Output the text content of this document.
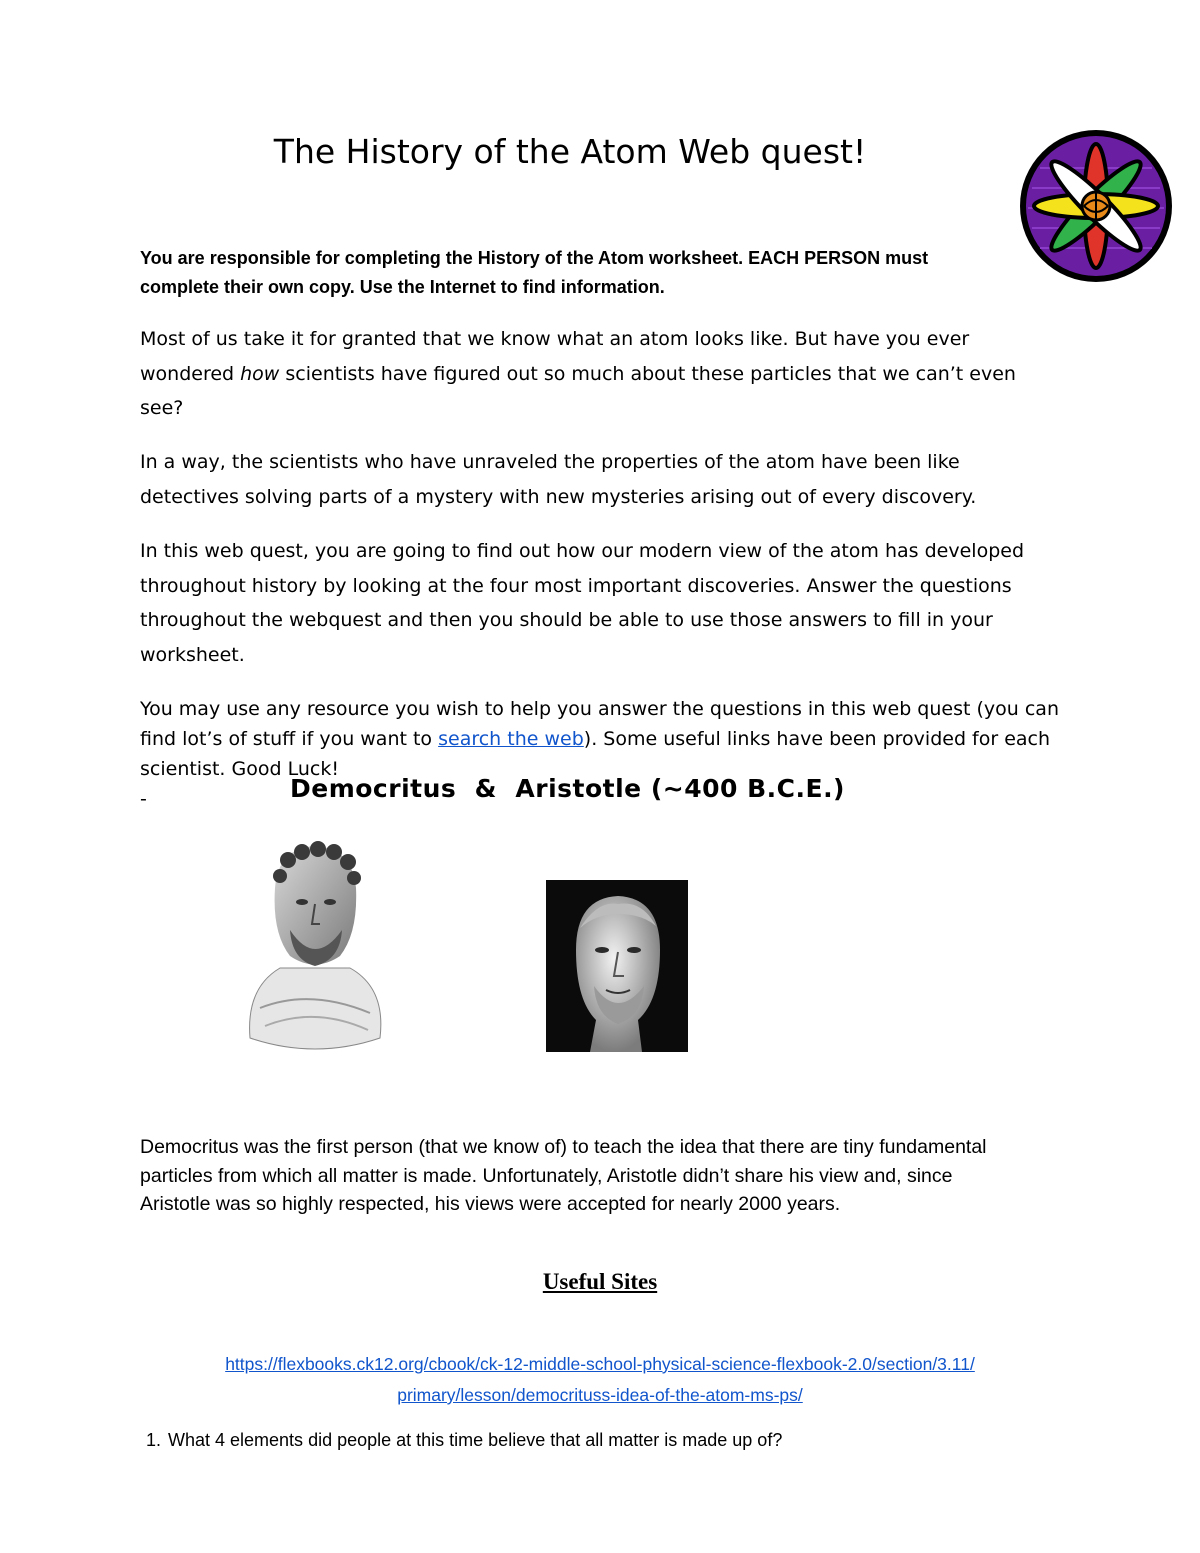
The History of the Atom Web quest!
You are responsible for completing the History of the Atom worksheet. EACH PERSON must complete their own copy. Use the Internet to find information.
Most of us take it for granted that we know what an atom looks like. But have you ever wondered how scientists have figured out so much about these particles that we can’t even see?
In a way, the scientists who have unraveled the properties of the atom have been like detectives solving parts of a mystery with new mysteries arising out of every discovery.
In this web quest, you are going to find out how our modern view of the atom has developed throughout history by looking at the four most important discoveries. Answer the questions throughout the webquest and then you should be able to use those answers to fill in your worksheet.
You may use any resource you wish to help you answer the questions in this web quest (you can find lot’s of stuff if you want to search the web). Some useful links have been provided for each scientist. Good Luck!
-	Democritus  &  Aristotle (~400 B.C.E.)
Democritus was the first person (that we know of) to teach the idea that there are tiny fundamental particles from which all matter is made. Unfortunately, Aristotle didn’t share his view and, since Aristotle was so highly respected, his views were accepted for nearly 2000 years.
Useful Sites
https://flexbooks.ck12.org/cbook/ck-12-middle-school-physical-science-flexbook-2.0/section/3.11/
primary/lesson/democrituss-idea-of-the-atom-ms-ps/
1. What 4 elements did people at this time believe that all matter is made up of?
